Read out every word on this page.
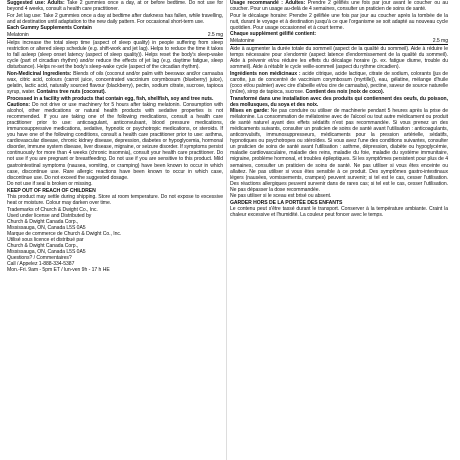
Suggested use: Adults: Take 2 gummies once a day, at or before bedtime. Do not use for beyond 4 weeks, consult a health care practitioner.

For Jet lag use: Take 2 gummies once a day at bedtime after darkness has fallen, while travelling, and at destination until adaptation to the new daily pattern. For occasional short-term use.

Each Gummy Supplements Contain

Melatonin	2.5 mg

Helps increase the total sleep time (aspect of sleep quality) in people suffering from sleep restriction or altered sleep schedule (e.g. shift-work and jet lag). Helps to reduce the time it takes to fall asleep (sleep onset latency (aspect of sleep quality)). Helps reset the body's sleep-wake cycle (part of circadian rhythm) and/or reduce the effects of jet lag (e.g. daytime fatigue, sleep disturbance). Helps re-set the body's sleep-wake cycle (aspect of the circadian rhythm).

Non-Medicinal Ingredients: Blends of oils (coconut and/or palm with beeswax and/or carnauba wax, citric acid, colours (carrot juice, concentrated vaccinium corymbosum (blueberry) juice), gelatin, lactic acid, naturally sourced flavour (blackberry), pectin, sodium citrate, sucrose, tapioca syrup, water. Contains tree nuts (coconut).

Processed in a facility with products that contain egg, fish, shellfish, soy and tree nuts.

Cautions: Do not drive or use machinery for 5 hours after taking melatonin. Consumption with alcohol, other medications or natural health products with sedative properties is not recommended. If you are taking one of the following medications, consult a health care practitioner prior to use: anticoagulant, anticonvulsant, blood pressure medications, immunosuppressive medications, sedative, hypnotic or psychotropic medications, or steroids. If you have one of the following conditions, consult a health care practitioner prior to use: asthma, cardiovascular disease, chronic kidney disease, depression, diabetes or hypoglycemia, hormonal disorder, immune system disease, liver disease, migraine, or seizure disorder. If symptoms persist continuously for more than 4 weeks (chronic insomnia), consult your health care practitioner. Do not use if you are pregnant or breastfeeding. Do not use if you are sensitive to this product. Mild gastrointestinal symptoms (nausea, vomiting, or cramping) have been known to occur in which case, discontinue use. Rare allergic reactions have been known to occur in which case, discontinue use. Do not exceed the suggested dosage.

Do not use if seal is broken or missing.

KEEP OUT OF REACH OF CHILDREN

This product may settle during shipping. Store at room temperature. Do not expose to excessive heat or moisture. Colour may darken over time.

Trademarks of Church & Dwight Co., Inc.
Used under license and Distributed by
Church & Dwight Canada Corp.,
Mississauga, ON, Canada L5S 0A5
Marque de commerce de Church & Dwight Co., Inc.
Utilisé sous licence et distribué par
Church & Dwight Canada Corp.,
Mississauga, ON, Canada L5S 0A5
Questions? / Commentaires?
Call / Appelez 1-888-334-5387
Mon.-Fri. 9am - 5pm ET / lun-ven 9h - 17 h HE

Usage recommandé : Adultes: Prendre 2 gélifiés une fois par jour avant le coucher ou au coucher. Pour un usage au-delà de 4 semaines, consulter un praticien de soins de santé.

Pour le décalage horaire: Prendre 2 gélifiée une fois par jour au coucher après la tombée de la nuit, durant le voyage et à destination jusqu'à ce que l'organisme se soit adapté au nouveau cycle quotidien. Pour usage occasionnel et à court terme.

Chaque supplément gélifié contient:

Mélatonine	2.5 mg

Aide à augmenter la durée totale du sommeil (aspect de la qualité du sommeil). Aide à réduire le temps nécessaire pour s'endormir (aspect latence d'endormissement de la qualité du sommeil). Aide à prévenir et/ou réduire les effets du décalage horaire (p. ex. fatigue diurne, trouble du sommeil). Aide à rétablir le cycle veille-sommeil (aspect du rythme circadien).

Ingrédients non médicinaux : acide citrique, acide lactique, citrate de sodium, colorants (jus de carotte, jus de concentré de vaccinium corymbosum (myrtille)), eau, gélatine, mélange d'huile (coco et/ou palmier) avec cire d'abeille et/ou cire de carnauba), pectine, saveur de source naturelle (mûre), sirop de tapioca, sucrose. Contient des noix (noix de coco).

Transformé dans une installation avec des produits qui contiennent des oeufs, du poisson, des mollusques, du soya et des noix.

Mises en garde: Ne pas conduire ou utiliser de machinerie pendant 5 heures après la prise de mélatonine. La consommation de mélatonine avec de l'alcool ou tout autre médicament ou produit de santé naturel ayant des effets sédatifs n'est pas recommandée. Si vous prenez un des médicaments suivants, consulter un praticien de soins de santé avant l'utilisation : anticoagulants, anticonvulsifs, immunosuppresseurs, médicaments pour la pression artérielle, sédatifs, hypnotiques ou psychotropes ou stéroïdes. Si vous avez l'une des conditions suivantes, consulter un praticien de soins de santé avant l'utilisation : asthme, dépression, diabète ou hypoglycémie, maladie cardiovasculaire, maladie des reins, maladie du foie, maladie du système immunitaire, migraine, problème hormonal, et troubles épileptiques. Si les symptômes persistent pour plus de 4 semaines, consulter un praticien de soins de santé. Ne pas utiliser si vous êtes enceinte ou allaitez. Ne pas utiliser si vous êtes sensible à ce produit. Des symptômes gastro-intestinaux légers (nausées, vomissements, crampes) peuvent survenir; si tel est le cas, cesser l'utilisation. Des réactions allergiques peuvent survenir dans de rares cas; si tel est le cas, cesser l'utilisation. Ne pas dépasser la dose recommandée.

Ne pas utiliser si le sceau est brisé ou absent.

GARDER HORS DE LA PORTÉE DES ENFANTS

Le contenu peut s'être tassé durant le transport. Conserver à la température ambiante. Craint la chaleur excessive et l'humidité. La couleur peut foncer avec le temps.
